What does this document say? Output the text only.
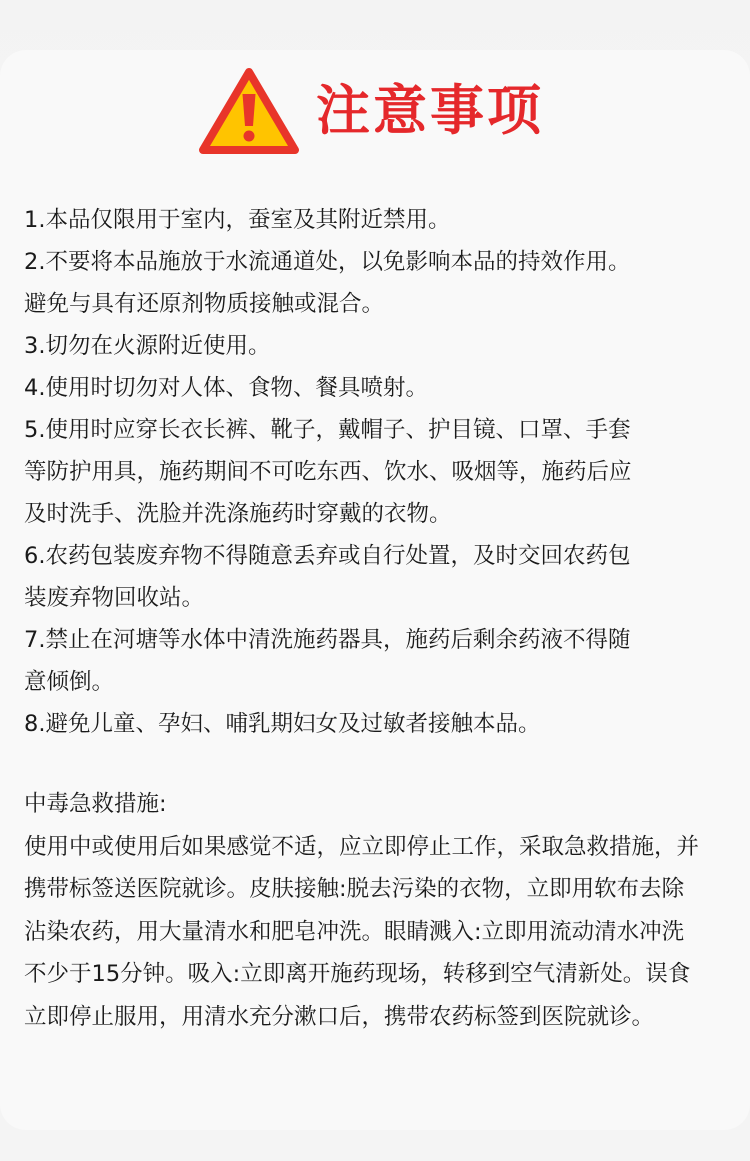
注意事项
1.本品仅限用于室内，蚕室及其附近禁用。
2.不要将本品施放于水流通道处，以免影响本品的持效作用。
避免与具有还原剂物质接触或混合。
3.切勿在火源附近使用。
4.使用时切勿对人体、食物、餐具喷射。
5.使用时应穿长衣长裤、靴子，戴帽子、护目镜、口罩、手套
等防护用具，施药期间不可吃东西、饮水、吸烟等，施药后应
及时洗手、洗脸并洗涤施药时穿戴的衣物。
6.农药包装废弃物不得随意丢弃或自行处置，及时交回农药包
装废弃物回收站。
7.禁止在河塘等水体中清洗施药器具，施药后剩余药液不得随
意倾倒。
8.避免儿童、孕妇、哺乳期妇女及过敏者接触本品。
中毒急救措施:
使用中或使用后如果感觉不适，应立即停止工作，采取急救措施，并
携带标签送医院就诊。皮肤接触:脱去污染的衣物，立即用软布去除
沾染农药，用大量清水和肥皂冲洗。眼睛溅入:立即用流动清水冲洗
不少于15分钟。吸入:立即离开施药现场，转移到空气清新处。误食
立即停止服用，用清水充分漱口后，携带农药标签到医院就诊。
